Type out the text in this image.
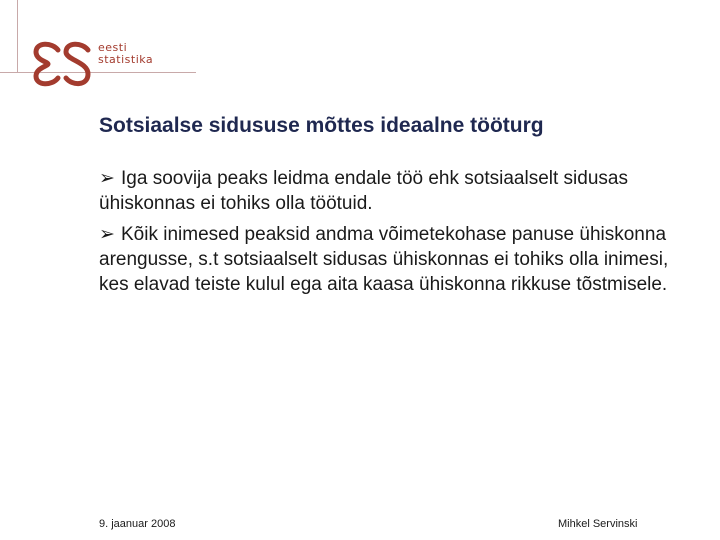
eesti
statistika
Sotsiaalse sidususe mõttes ideaalne tööturg

➢ Iga soovija peaks leidma endale töö ehk sotsiaalselt sidusas ühiskonnas ei tohiks olla töötuid.

➢ Kõik inimesed peaksid andma võimetekohase panuse ühiskonna arengusse, s.t sotsiaalselt sidusas ühiskonnas ei tohiks olla inimesi, kes elavad teiste kulul ega aita kaasa ühiskonna rikkuse tõstmisele.

9. jaanuar 2008	Mihkel Servinski
